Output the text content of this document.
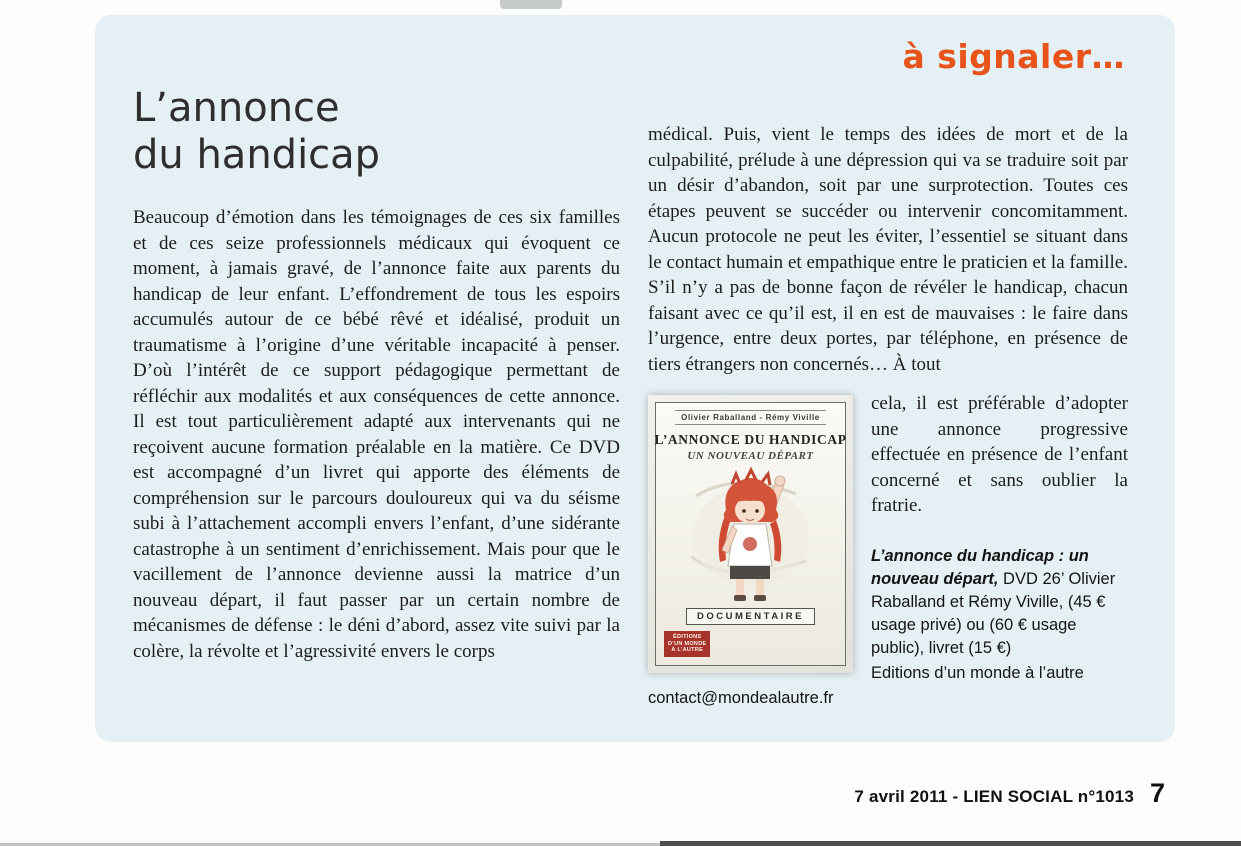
à signaler…
L’annonce
du handicap

Beaucoup d’émotion dans les témoignages de ces six familles et de ces seize professionnels médicaux qui évoquent ce moment, à jamais gravé, de l’annonce faite aux parents du handicap de leur enfant. L’effondrement de tous les espoirs accumulés autour de ce bébé rêvé et idéalisé, produit un traumatisme à l’origine d’une véritable incapacité à penser. D’où l’intérêt de ce support pédagogique permettant de réfléchir aux modalités et aux conséquences de cette annonce. Il est tout particulièrement adapté aux intervenants qui ne reçoivent aucune formation préalable en la matière. Ce DVD est accompagné d’un livret qui apporte des éléments de compréhension sur le parcours douloureux qui va du séisme subi à l’attachement accompli envers l’enfant, d’une sidérante catastrophe à un sentiment d’enrichissement. Mais pour que le vacillement de l’annonce devienne aussi la matrice d’un nouveau départ, il faut passer par un certain nombre de mécanismes de défense : le déni d’abord, assez vite suivi par la colère, la révolte et l’agressivité envers le corps

médical. Puis, vient le temps des idées de mort et de la culpabilité, prélude à une dépression qui va se traduire soit par un désir d’abandon, soit par une surprotection. Toutes ces étapes peuvent se succéder ou intervenir concomitamment. Aucun protocole ne peut les éviter, l’essentiel se situant dans le contact humain et empathique entre le praticien et la famille. S’il n’y a pas de bonne façon de révéler le handicap, chacun faisant avec ce qu’il est, il en est de mauvaises : le faire dans l’urgence, entre deux portes, par téléphone, en présence de tiers étrangers non concernés… À tout

Olivier Raballand - Rémy Viville
L’ANNONCE DU HANDICAP
UN NOUVEAU DÉPART
DOCUMENTAIRE
ÉDITIONS
D’UN MONDE
À L’AUTRE

cela, il est préférable d’adopter une annonce progressive effectuée en présence de l’enfant concerné et sans oublier la fratrie.

L’annonce du handicap : un nouveau départ, DVD 26’ Olivier Raballand et Rémy Viville, (45 € usage privé) ou (60 € usage public), livret (15 €)

Editions d’un monde à l’autre

contact@mondealautre.fr

7 avril 2011 - LIEN SOCIAL n°1013 7
